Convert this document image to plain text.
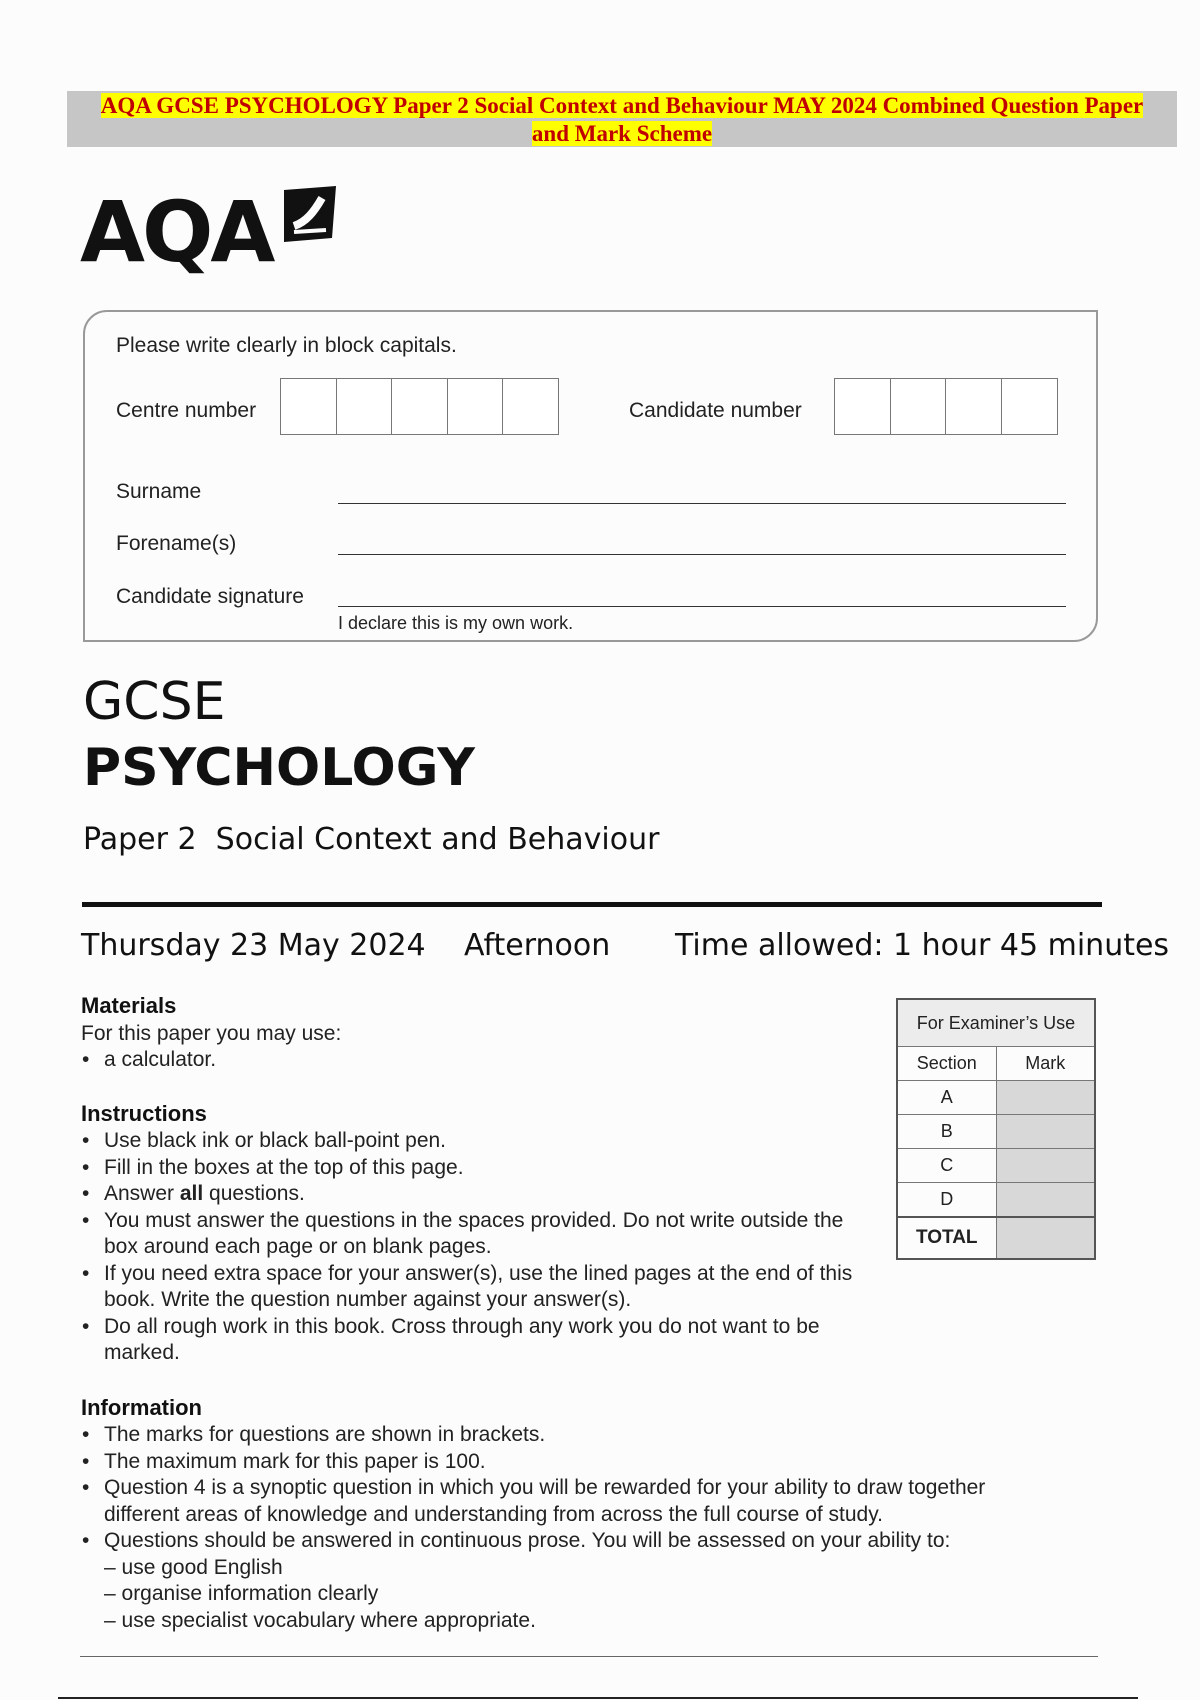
AQA GCSE PSYCHOLOGY Paper 2 Social Context and Behaviour MAY 2024 Combined Question Paper
and Mark Scheme
AQA
Please write clearly in block capitals.
Centre number	Candidate number
Surname
Forename(s)
Candidate signature
I declare this is my own work.
GCSE
PSYCHOLOGY
Paper 2 Social Context and Behaviour
Thursday 23 May 2024 Afternoon Time allowed: 1 hour 45 minutes
Materials
For this paper you may use:
• a calculator.
Instructions
• Use black ink or black ball-point pen.
• Fill in the boxes at the top of this page.
• Answer all questions.
• You must answer the questions in the spaces provided. Do not write outside the box around each page or on blank pages.
• If you need extra space for your answer(s), use the lined pages at the end of this book. Write the question number against your answer(s).
• Do all rough work in this book. Cross through any work you do not want to be marked.
Information
• The marks for questions are shown in brackets.
• The maximum mark for this paper is 100.
• Question 4 is a synoptic question in which you will be rewarded for your ability to draw together different areas of knowledge and understanding from across the full course of study.
• Questions should be answered in continuous prose. You will be assessed on your ability to:
– use good English
– organise information clearly
– use specialist vocabulary where appropriate.
For Examiner’s Use	
Section	Mark
A	
B	
C	
D	
TOTAL	
